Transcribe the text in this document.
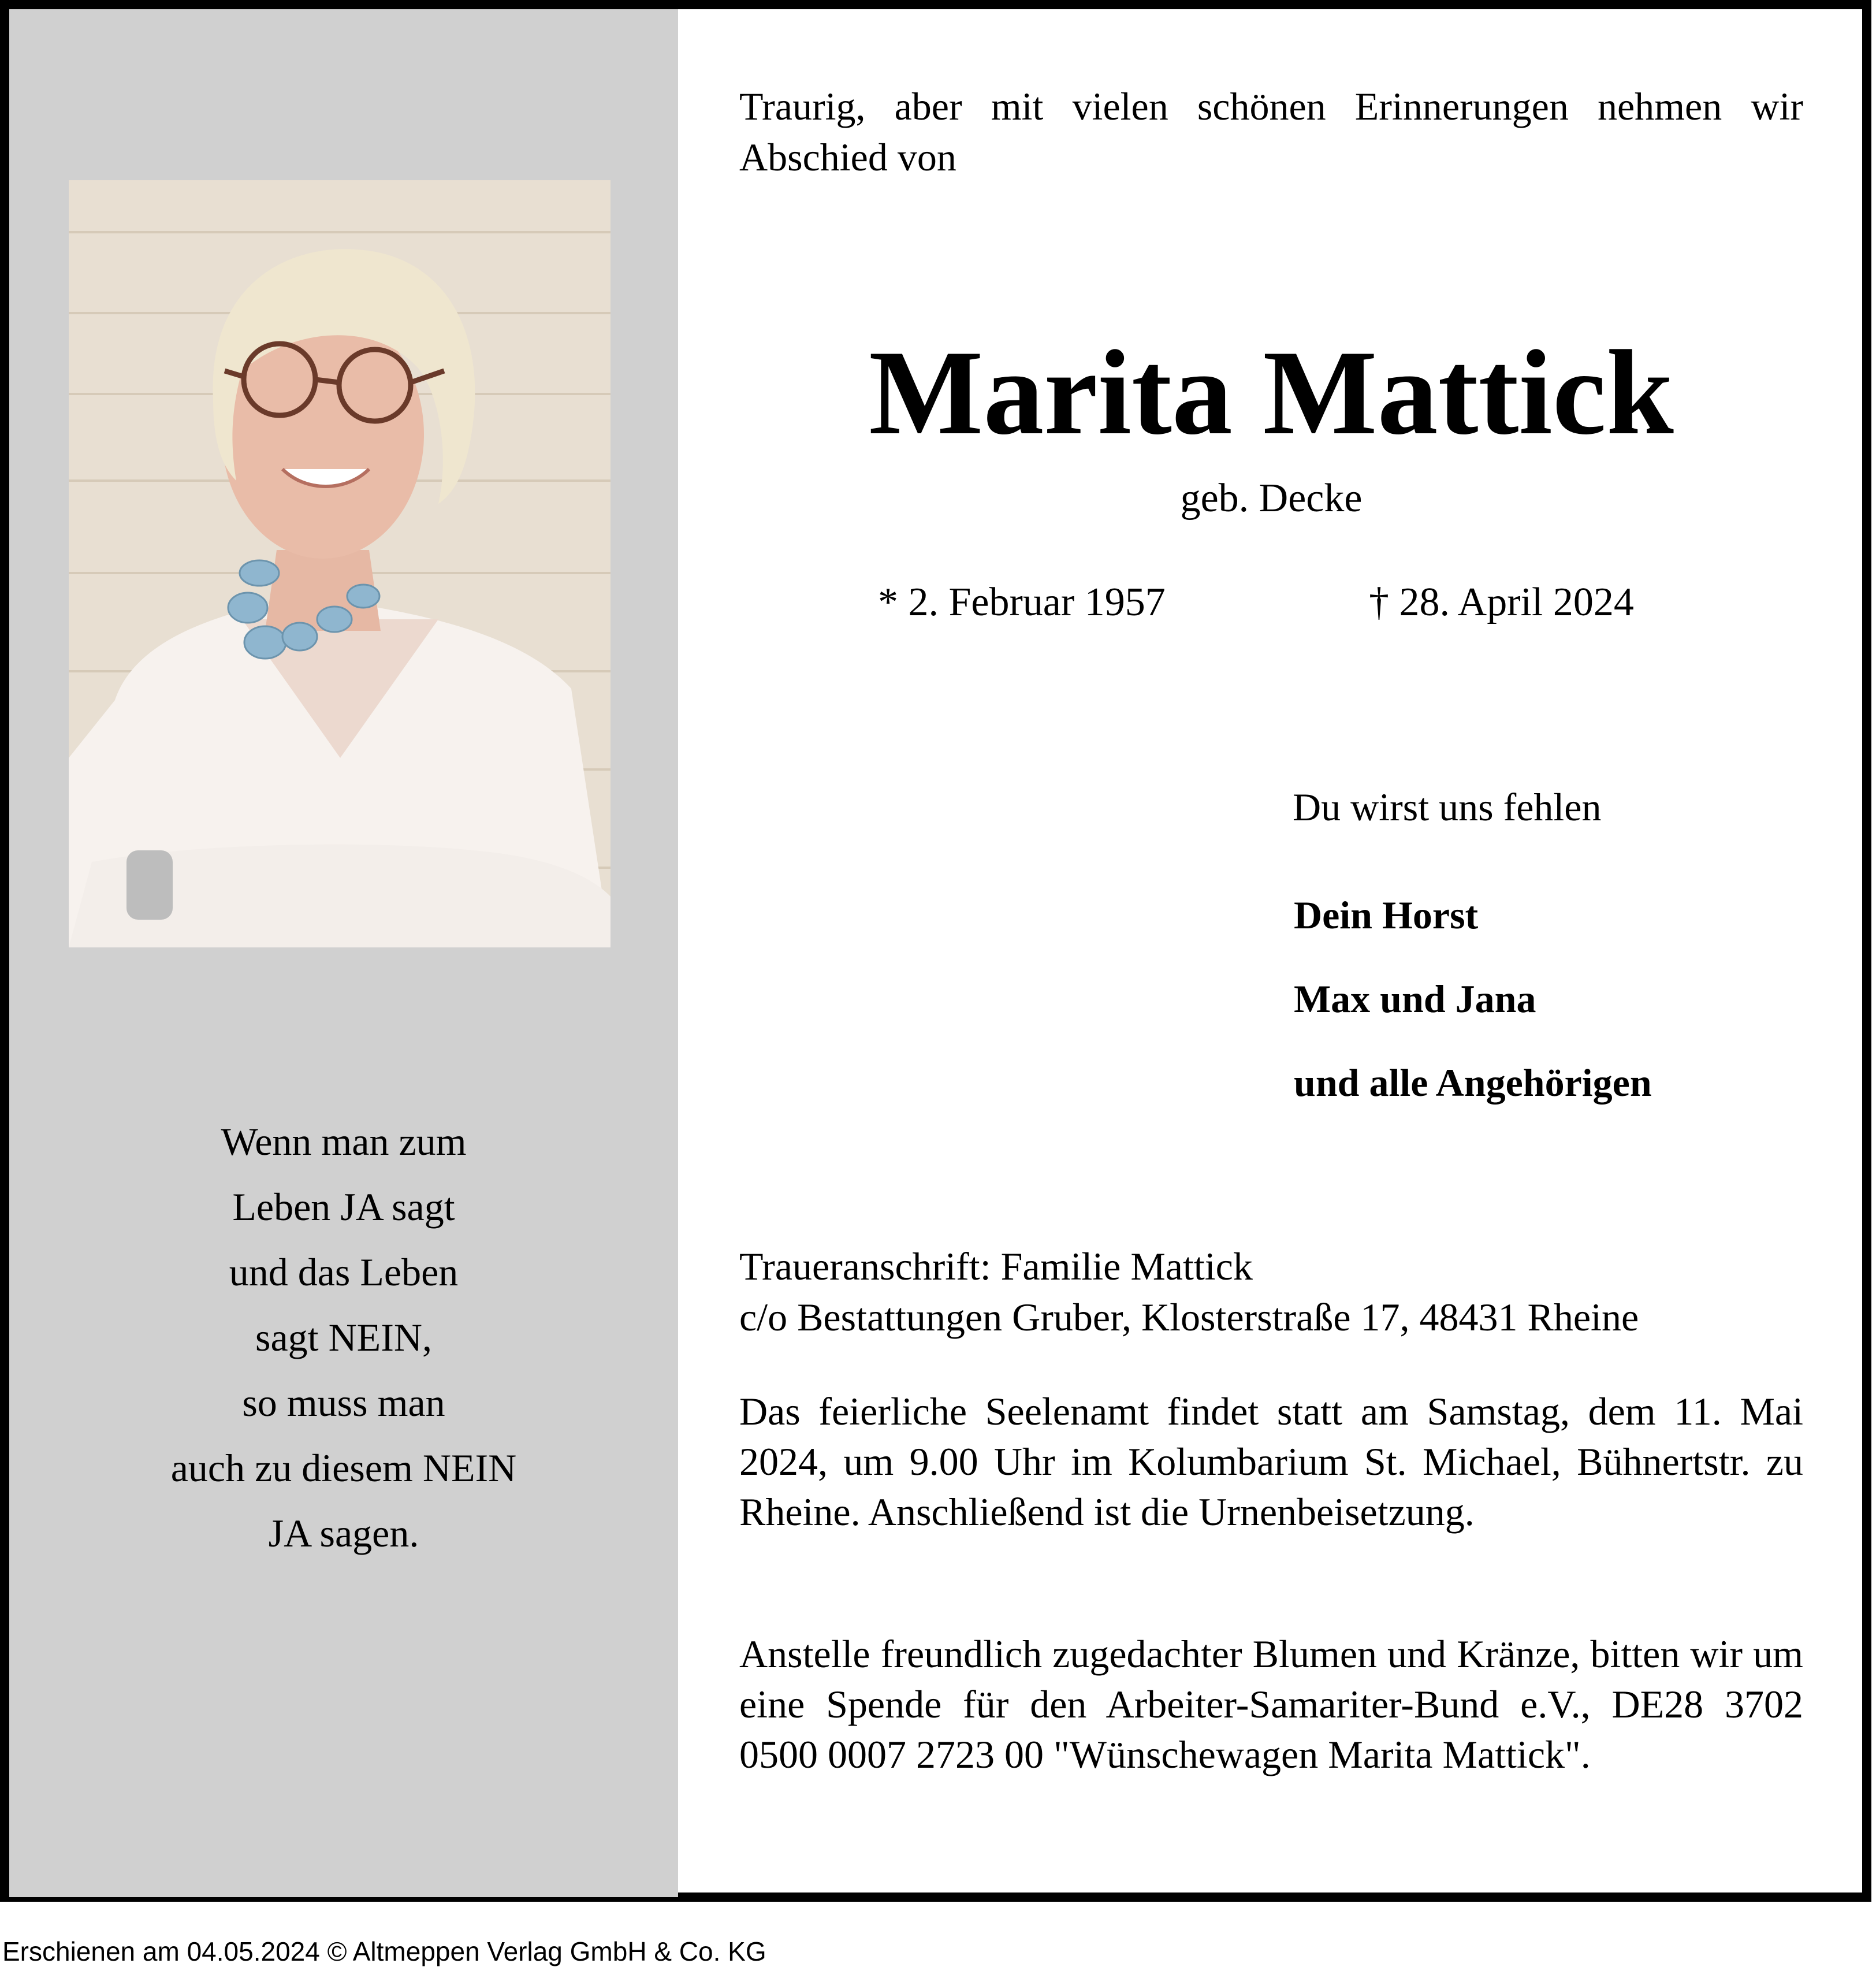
Wenn man zum
Leben JA sagt
und das Leben
sagt NEIN,
so muss man
auch zu diesem NEIN
JA sagen.
Traurig, aber mit vielen schönen Erinnerungen nehmen wir Abschied von
Marita Mattick
geb. Decke
* 2. Februar 1957	† 28. April 2024
Du wirst uns fehlen
Dein Horst
Max und Jana
und alle Angehörigen
Traueranschrift: Familie Mattick
c/o Bestattungen Gruber, Klosterstraße 17, 48431 Rheine
Das feierliche Seelenamt findet statt am Samstag, dem 11. Mai 2024, um 9.00 Uhr im Kolumbarium St. Michael, Bühnertstr. zu Rheine. Anschließend ist die Urnenbeisetzung.
Anstelle freundlich zugedachter Blumen und Kränze, bitten wir um eine Spende für den Arbeiter-Samariter-Bund e.V., DE28 3702 0500 0007 2723 00 "Wünschewagen Marita Mattick".
Erschienen am 04.05.2024 © Altmeppen Verlag GmbH & Co. KG
